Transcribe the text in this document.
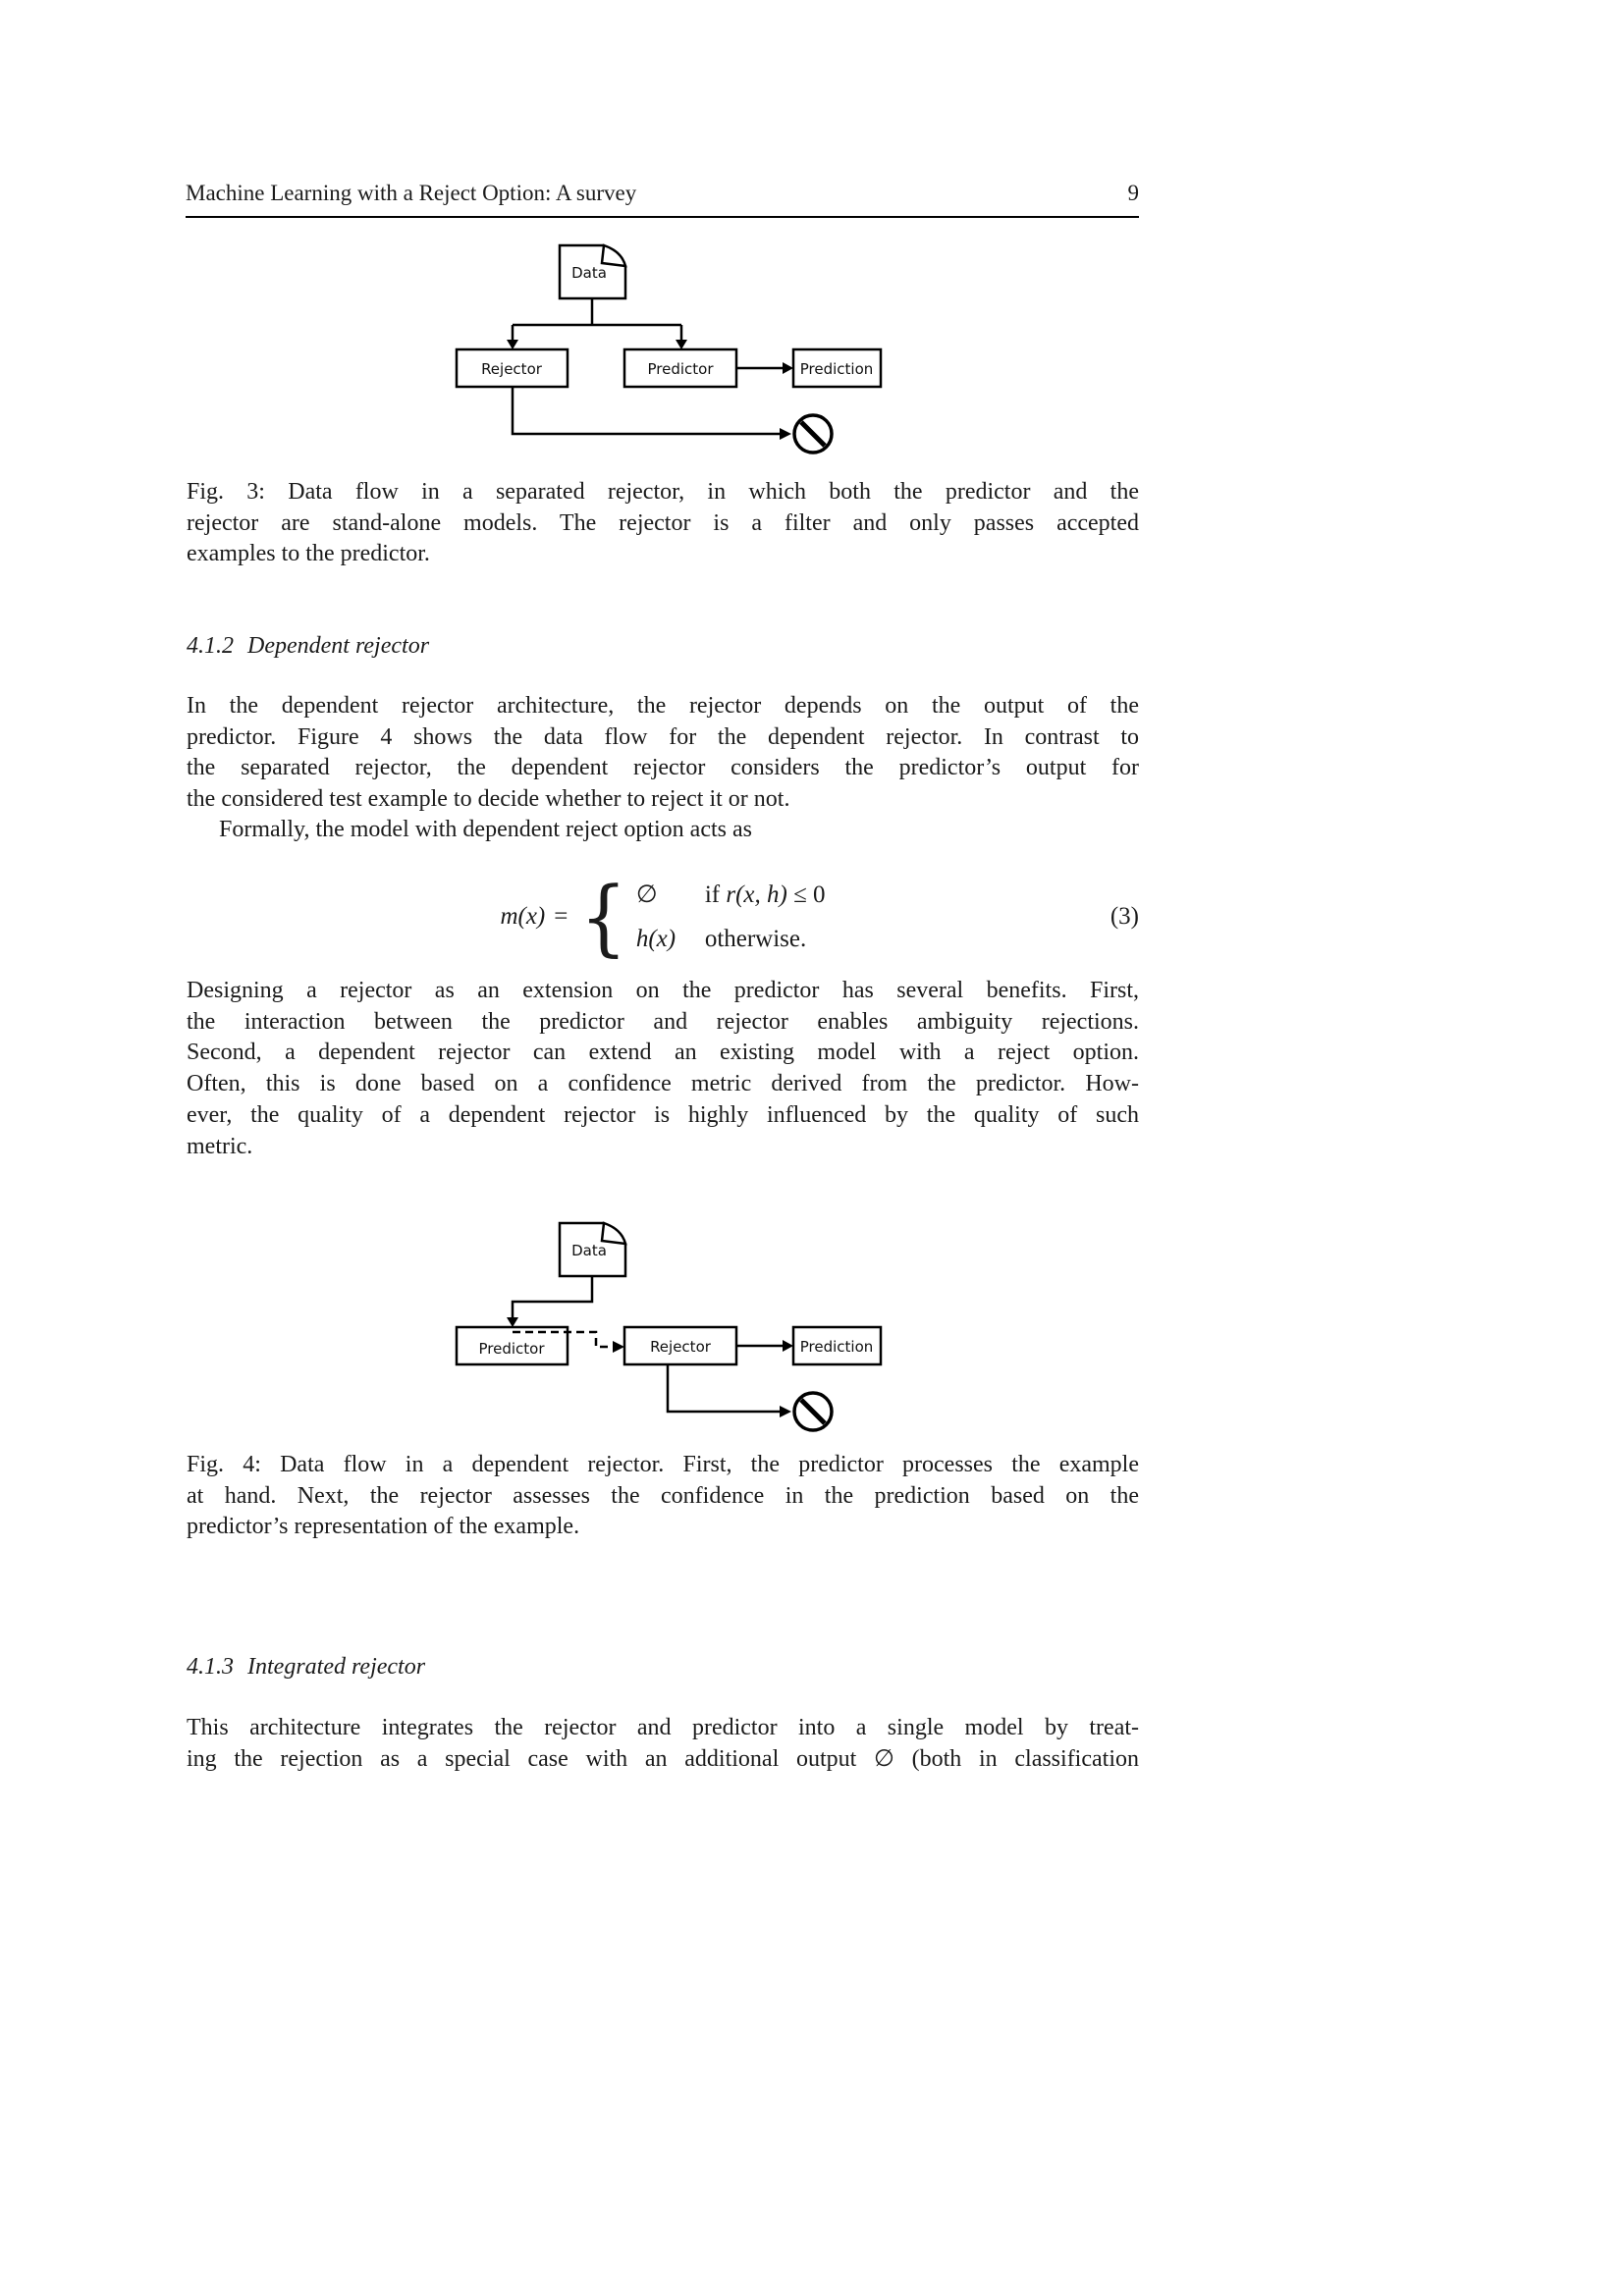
Machine Learning with a Reject Option: A survey	9
Data
Rejector	Predictor	Prediction
Fig. 3: Data flow in a separated rejector, in which both the predictor and the
rejector are stand-alone models. The rejector is a filter and only passes accepted
examples to the predictor.
4.1.2 Dependent rejector
In the dependent rejector architecture, the rejector depends on the output of the
predictor. Figure 4 shows the data flow for the dependent rejector. In contrast to
the separated rejector, the dependent rejector considers the predictor’s output for
the considered test example to decide whether to reject it or not.
Formally, the model with dependent reject option acts as
m(x) = { ∅	if
r(x, h)
≤ 0
h(x)	otherwise.
(3)
Designing a rejector as an extension on the predictor has several benefits. First,
the interaction between the predictor and rejector enables ambiguity rejections.
Second, a dependent rejector can extend an existing model with a reject option.
Often, this is done based on a confidence metric derived from the predictor. How-
ever, the quality of a dependent rejector is highly influenced by the quality of such
metric.
Data
Predictor	Rejector	Prediction
Fig. 4: Data flow in a dependent rejector. First, the predictor processes the example
at hand. Next, the rejector assesses the confidence in the prediction based on the
predictor’s representation of the example.
4.1.3 Integrated rejector
This architecture integrates the rejector and predictor into a single model by treat-
ing the rejection as a special case with an additional output ∅ (both in classification
